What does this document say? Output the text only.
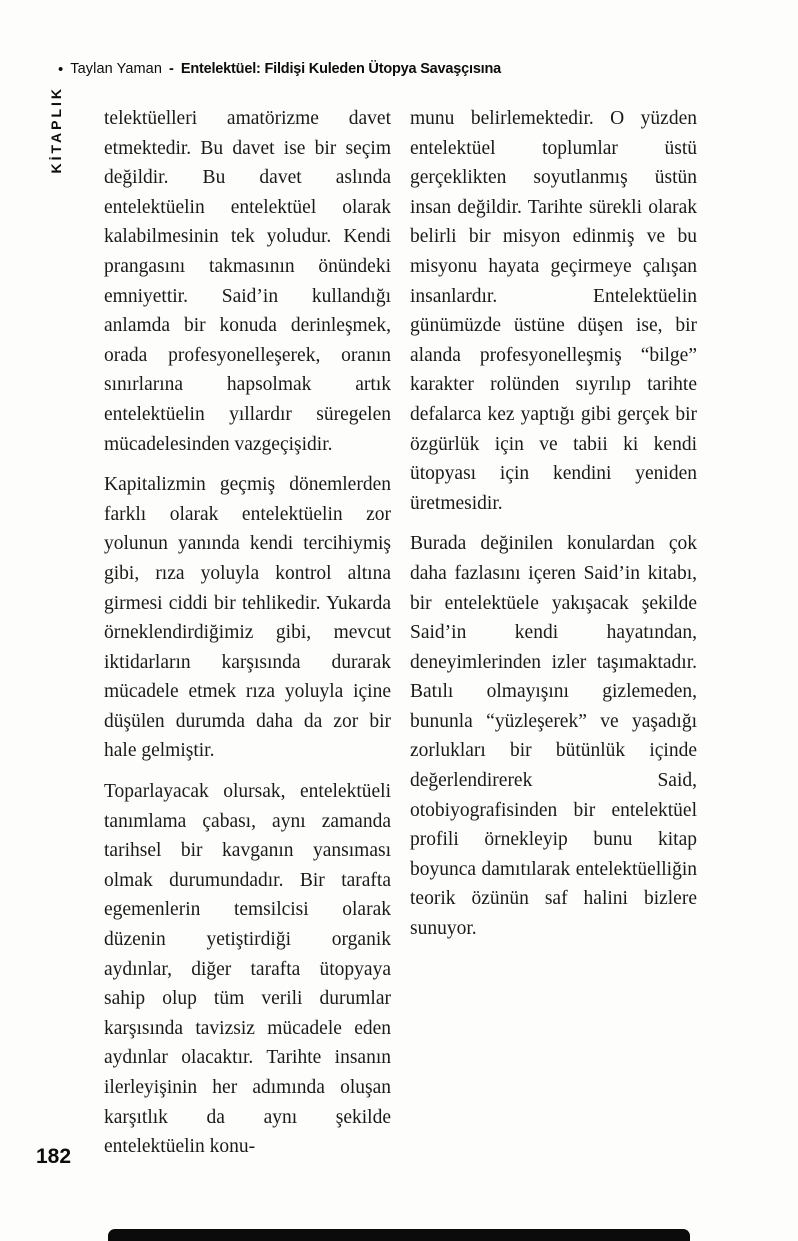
• Taylan Yaman - Entelektüel: Fildişi Kuleden Ütopya Savaşçısına
KİTAPLIK telektüelleri amatörizme davet etmektedir. Bu davet ise bir seçim değildir. Bu davet aslında entelektüelin entelektüel olarak kalabilmesinin tek yoludur. Kendi prangasını takmasının önündeki emniyettir. Said’in kullandığı anlamda bir konuda derinleşmek, orada profesyonelleşerek, oranın sınırlarına hapsolmak artık entelektüelin yıllardır süregelen mücadelesinden vazgeçişidir.

Kapitalizmin geçmiş dönemlerden farklı olarak entelektüelin zor yolunun yanında kendi tercihiymiş gibi, rıza yoluyla kontrol altına girmesi ciddi bir tehlikedir. Yukarda örneklendirdiğimiz gibi, mevcut iktidarların karşısında durarak mücadele etmek rıza yoluyla içine düşülen durumda daha da zor bir hale gelmiştir.

Toparlayacak olursak, entelektüeli tanımlama çabası, aynı zamanda tarihsel bir kavganın yansıması olmak durumundadır. Bir tarafta egemenlerin temsilcisi olarak düzenin yetiştirdiği organik aydınlar, diğer tarafta ütopyaya sahip olup tüm verili durumlar karşısında tavizsiz mücadele eden aydınlar olacaktır. Tarihte insanın ilerleyişinin her adımında oluşan karşıtlık da aynı şekilde entelektüelin konu-

munu belirlemektedir. O yüzden entelektüel toplumlar üstü gerçeklikten soyutlanmış üstün insan değildir. Tarihte sürekli olarak belirli bir misyon edinmiş ve bu misyonu hayata geçirmeye çalışan insanlardır. Entelektüelin günümüzde üstüne düşen ise, bir alanda profesyonelleşmiş “bilge” karakter rolünden sıyrılıp tarihte defalarca kez yaptığı gibi gerçek bir özgürlük için ve tabii ki kendi ütopyası için kendini yeniden üretmesidir.

Burada değinilen konulardan çok daha fazlasını içeren Said’in kitabı, bir entelektüele yakışacak şekilde Said’in kendi hayatından, deneyimlerinden izler taşımaktadır. Batılı olmayışını gizlemeden, bununla “yüzleşerek” ve yaşadığı zorlukları bir bütünlük içinde değerlendirerek Said, otobiyografisinden bir entelektüel profili örnekleyip bunu kitap boyunca damıtılarak entelektüelliğin teorik özünün saf halini bizlere sunuyor.

182
